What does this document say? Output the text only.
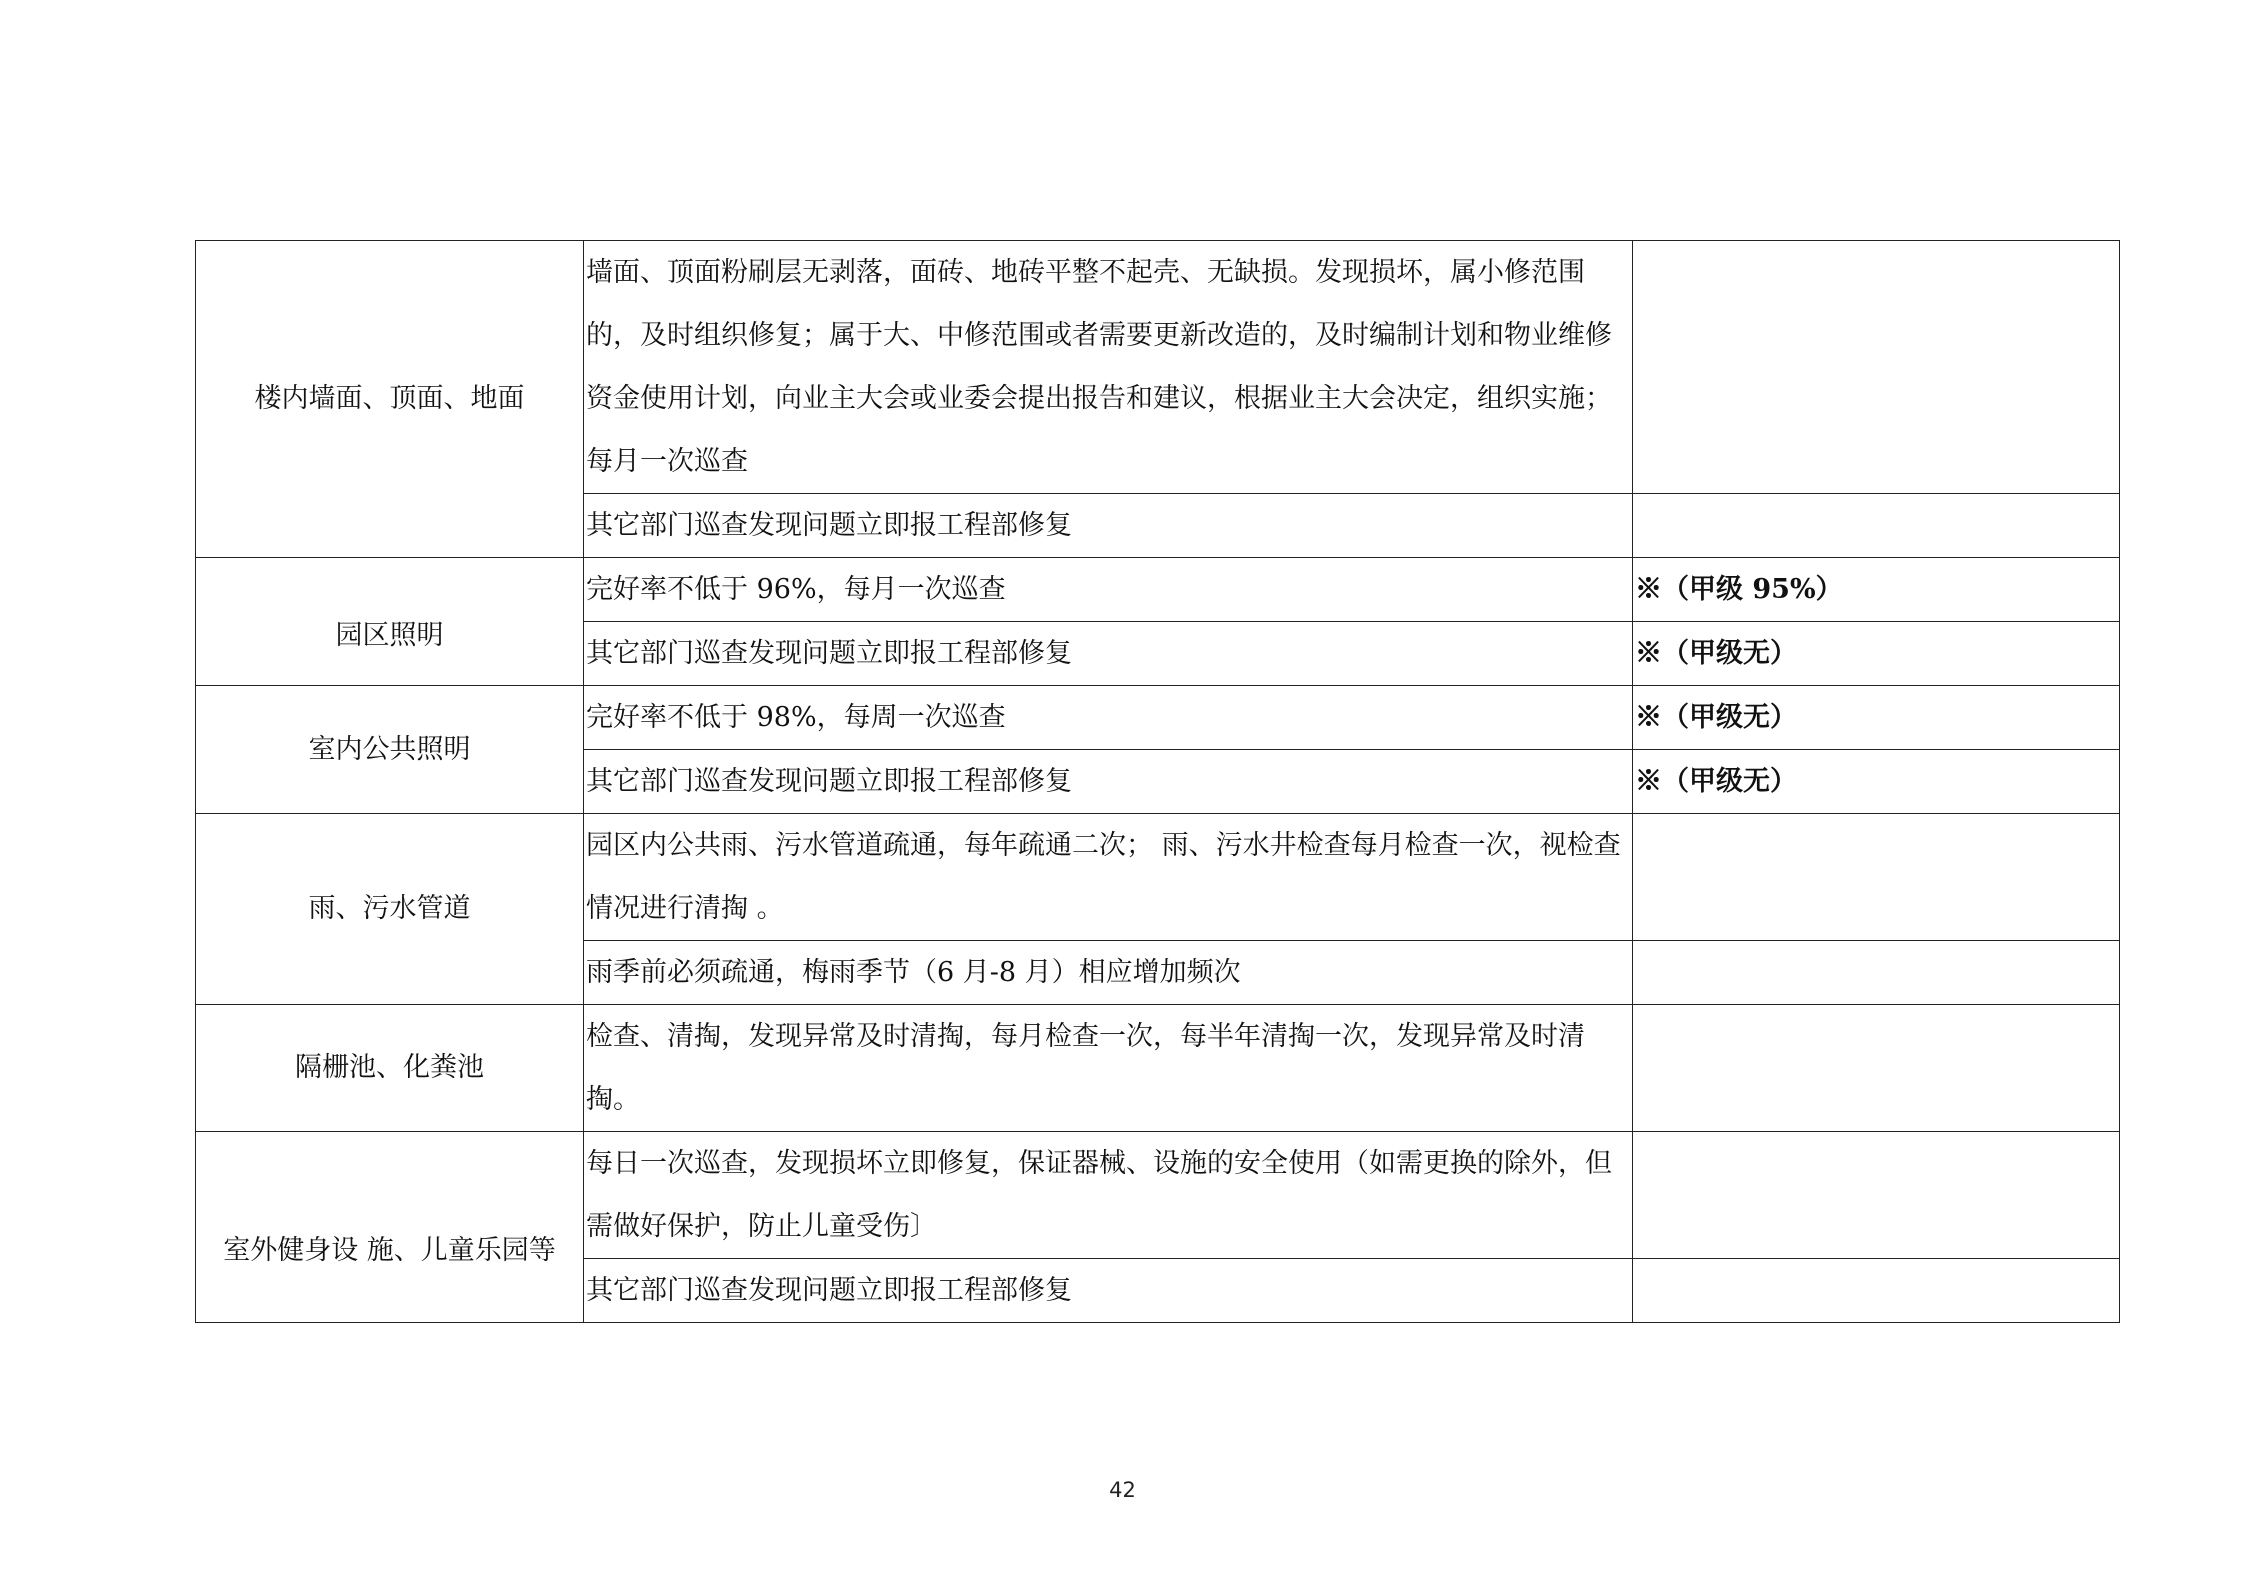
楼内墙面、顶面、地面	墙面、顶面粉刷层无剥落，面砖、地砖平整不起壳、无缺损。发现损坏，属小修范围的，及时组织修复；属于大、中修范围或者需要更新改造的，及时编制计划和物业维修资金使用计划，向业主大会或业委会提出报告和建议，根据业主大会决定，组织实施；每月一次巡查	
	其它部门巡查发现问题立即报工程部修复	
园区照明	完好率不低于 96%，每月一次巡查	※（甲级 95%）
	其它部门巡查发现问题立即报工程部修复	※（甲级无）
室内公共照明	完好率不低于 98%，每周一次巡查	※（甲级无）
	其它部门巡查发现问题立即报工程部修复	※（甲级无）
雨、污水管道	园区内公共雨、污水管道疏通，每年疏通二次； 雨、污水井检查每月检查一次，视检查情况进行清掏 。	
	雨季前必须疏通，梅雨季节（6 月-8 月）相应增加频次	
隔栅池、化粪池	检查、清掏，发现异常及时清掏，每月检查一次，每半年清掏一次，发现异常及时清掏。	
室外健身设 施、儿童乐园等	每日一次巡查，发现损坏立即修复，保证器械、设施的安全使用（如需更换的除外，但需做好保护，防止儿童受伤〕	
	其它部门巡查发现问题立即报工程部修复	
42
